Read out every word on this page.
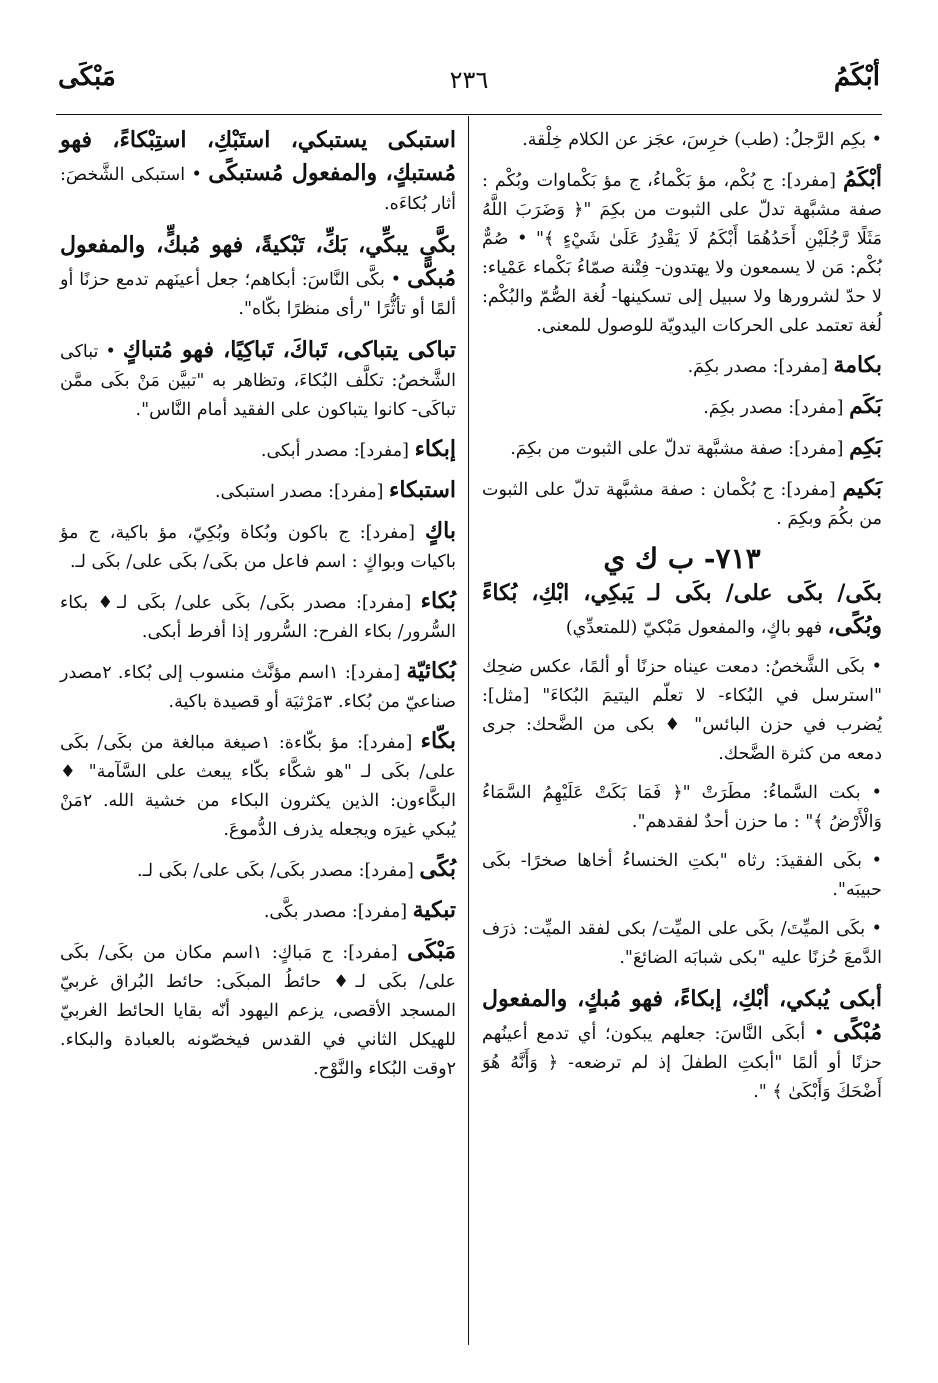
أبْكَمُ
٢٣٦
مَبْكَى

• بكِم الرَّجلُ: (طب) خرِسَ، عجَز عن الكلام خِلْقة.

أبْكَمُ [مفرد]: ج بُكْم، مؤ بَكْماءُ، ج مؤ بَكْماوات وبُكْم : صفة مشبَّهة تدلّ على الثبوت من بكِمَ "﴿ وَضَرَبَ اللَّهُ مَثَلًا رَّجُلَيْنِ أَحَدُهُمَا أَبْكَمُ لَا يَقْدِرُ عَلَىٰ شَيْءٍ ﴾" • صُمٌّ بُكْم: مَن لا يسمعون ولا يهتدون- فِتْنة صمّاءُ بَكْماء عَمْياء: لا حدّ لشرورها ولا سبيل إلى تسكينها- لُغة الصُّمّ والبُكْم: لُغة تعتمد على الحركات اليدويّة للوصول للمعنى.

بكامة [مفرد]: مصدر بكِمَ.

بَكَم [مفرد]: مصدر بكِمَ.

بَكِم [مفرد]: صفة مشبَّهة تدلّ على الثبوت من بكِمَ.

بَكيم [مفرد]: ج بُكْمان : صفة مشبَّهة تدلّ على الثبوت من بكُمَ وبكِمَ .

٧١٣- ب ك ي

بكَى/ بكَى على/ بكَى لـ يَبكِي، ابْكِ، بُكاءً وبُكًى، فهو باكٍ، والمفعول مَبْكيّ (للمتعدِّي)

• بكَى الشَّخصُ: دمعت عيناه حزنًا أو ألمًا، عكس ضحِك "استرسل في البُكاء- لا تعلّم اليتيمَ البُكاءَ" [مثل]: يُضرب في حزن البائس" ♦ بكى من الضَّحك: جرى دمعه من كثرة الضَّحك.

• بكت السَّماءُ: مطَرَتْ "﴿ فَمَا بَكَتْ عَلَيْهِمُ السَّمَاءُ وَالْأَرْضُ ﴾" : ما حزن أحدٌ لفقدهم".

• بكَى الفقيدَ: رثاه "بكتِ الخنساءُ أخاها صخرًا- بكَى حبيبَه".

• بكَى الميِّتَ/ بكَى على الميِّت/ بكى لفقد الميِّت: ذرَف الدَّمعَ حُزنًا عليه "بكى شبابَه الضائعَ".

أبكى يُبكي، أبْكِ، إبكاءً، فهو مُبكٍ، والمفعول مُبْكًى • أبكَى النَّاسَ: جعلهم يبكون؛ أي تدمع أعينُهم حزنًا أو ألمًا "أبكتِ الطفلَ إذ لم ترضعه- ﴿ وَأَنَّهُ هُوَ أَضْحَكَ وَأَبْكَىٰ ﴾ ".

استبكى يستبكي، استَبْكِ، استِبْكاءً، فهو مُستبكٍ، والمفعول مُستبكًى • استبكى الشَّخصَ: أثار بُكاءَه.

بكَّى يبكِّي، بَكِّ، تَبْكيةً، فهو مُبكٍّ، والمفعول مُبكًّى • بكَّى النَّاسَ: أبكاهم؛ جعل أعينَهم تدمع حزنًا أو ألمًا أو تأثُّرًا "رأى منظرًا بكّاه".

تباكى يتباكى، تَباكَ، تَباكِيًا، فهو مُتباكٍ • تباكى الشَّخصُ: تكلَّف البُكاءَ، وتظاهر به "تبيَّن مَنْ بكَى ممَّن تباكَى- كانوا يتباكون على الفقيد أمام النَّاس".

إبكاء [مفرد]: مصدر أبكى.

استبكاء [مفرد]: مصدر استبكى.

باكٍ [مفرد]: ج باكون وبُكاة وبُكِيّ، مؤ باكية، ج مؤ باكيات وبواكٍ : اسم فاعل من بكَى/ بكَى على/ بكَى لـ.

بُكاء [مفرد]: مصدر بكَى/ بكَى على/ بكَى لـ♦ بكاء السُّرور/ بكاء الفرح: السُّرور إذا أفرط أبكى.

بُكائيّة [مفرد]: ١اسم مؤنَّث منسوب إلى بُكاء. ٢مصدر صناعيّ من بُكاء. ٣مَرْثيَة أو قصيدة باكية.

بكّاء [مفرد]: مؤ بكّاءة: ١صيغة مبالغة من بكَى/ بكَى على/ بكَى لـ "هو شكَّاء بكّاء يبعث على السَّآمة" ♦ البكَّاءون: الذين يكثرون البكاء من خشية الله. ٢مَنْ يُبكي غيرَه ويجعله يذرف الدُّموعَ.

بُكًى [مفرد]: مصدر بكَى/ بكَى على/ بكَى لـ.

تبكية [مفرد]: مصدر بكَّى.

مَبْكَى [مفرد]: ج مَباكٍ: ١اسم مكان من بكَى/ بكَى على/ بكَى لـ♦ حائطُ المبكَى: حائط البُراق غربيّ المسجد الأقصى، يزعم اليهود أنّه بقايا الحائط الغربيّ للهيكل الثاني في القدس فيخصّونه بالعبادة والبكاء. ٢وقت البُكاء والنَّوْح.
